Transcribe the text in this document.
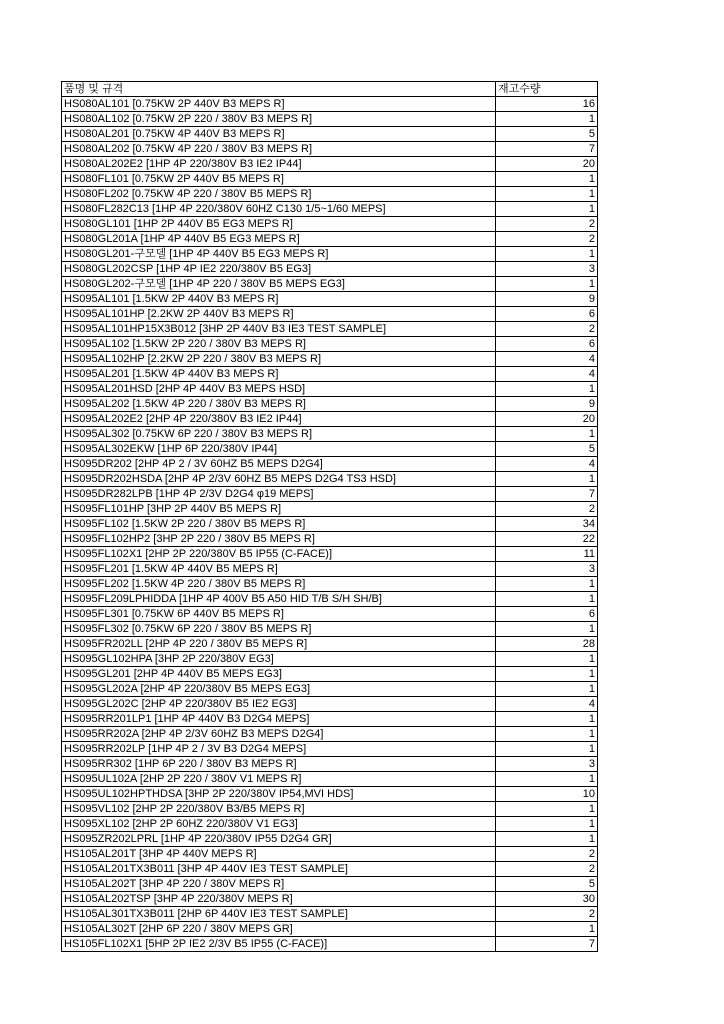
품명 및 규격	재고수량
HS080AL101 [0.75KW 2P 440V B3 MEPS R]	16
HS080AL102 [0.75KW 2P 220 / 380V B3 MEPS R]	1
HS080AL201 [0.75KW 4P 440V B3 MEPS R]	5
HS080AL202 [0.75KW 4P 220 / 380V B3 MEPS R]	7
HS080AL202E2 [1HP 4P 220/380V B3 IE2 IP44]	20
HS080FL101 [0.75KW 2P 440V B5 MEPS R]	1
HS080FL202 [0.75KW 4P 220 / 380V B5 MEPS R]	1
HS080FL282C13 [1HP 4P 220/380V 60HZ C130 1/5~1/60 MEPS]	1
HS080GL101 [1HP 2P 440V B5 EG3 MEPS R]	2
HS080GL201A [1HP 4P 440V B5 EG3 MEPS R]	2
HS080GL201-구모델 [1HP 4P 440V B5 EG3 MEPS R]	1
HS080GL202CSP [1HP 4P IE2 220/380V B5 EG3]	3
HS080GL202-구모델 [1HP 4P 220 / 380V B5 MEPS EG3]	1
HS095AL101 [1.5KW 2P 440V B3 MEPS R]	9
HS095AL101HP [2.2KW 2P 440V B3 MEPS R]	6
HS095AL101HP15X3B012 [3HP 2P 440V B3 IE3 TEST SAMPLE]	2
HS095AL102 [1.5KW 2P 220 / 380V B3 MEPS R]	6
HS095AL102HP [2.2KW 2P 220 / 380V B3 MEPS R]	4
HS095AL201 [1.5KW 4P 440V B3 MEPS R]	4
HS095AL201HSD [2HP 4P 440V B3 MEPS HSD]	1
HS095AL202 [1.5KW 4P 220 / 380V B3 MEPS R]	9
HS095AL202E2 [2HP 4P 220/380V B3 IE2 IP44]	20
HS095AL302 [0.75KW 6P 220 / 380V B3 MEPS R]	1
HS095AL302EKW [1HP 6P 220/380V IP44]	5
HS095DR202 [2HP 4P 2 / 3V 60HZ B5 MEPS D2G4]	4
HS095DR202HSDA [2HP 4P 2/3V 60HZ B5 MEPS D2G4 TS3 HSD]	1
HS095DR282LPB [1HP 4P 2/3V D2G4 φ19 MEPS]	7
HS095FL101HP [3HP 2P 440V B5 MEPS R]	2
HS095FL102 [1.5KW 2P 220 / 380V B5 MEPS R]	34
HS095FL102HP2 [3HP 2P 220 / 380V B5 MEPS R]	22
HS095FL102X1 [2HP 2P 220/380V B5 IP55 (C-FACE)]	11
HS095FL201 [1.5KW 4P 440V B5 MEPS R]	3
HS095FL202 [1.5KW 4P 220 / 380V B5 MEPS R]	1
HS095FL209LPHIDDA [1HP 4P 400V B5 A50 HID T/B S/H SH/B]	1
HS095FL301 [0.75KW 6P 440V B5 MEPS R]	6
HS095FL302 [0.75KW 6P 220 / 380V B5 MEPS R]	1
HS095FR202LL [2HP 4P 220 / 380V B5 MEPS R]	28
HS095GL102HPA [3HP 2P 220/380V EG3]	1
HS095GL201 [2HP 4P 440V B5 MEPS EG3]	1
HS095GL202A [2HP 4P 220/380V B5 MEPS EG3]	1
HS095GL202C [2HP 4P 220/380V B5 IE2 EG3]	4
HS095RR201LP1 [1HP 4P 440V B3 D2G4 MEPS]	1
HS095RR202A [2HP 4P 2/3V 60HZ B3 MEPS D2G4]	1
HS095RR202LP [1HP 4P 2 / 3V B3 D2G4 MEPS]	1
HS095RR302 [1HP 6P 220 / 380V B3 MEPS R]	3
HS095UL102A [2HP 2P 220 / 380V V1 MEPS R]	1
HS095UL102HPTHDSA [3HP 2P 220/380V IP54,MVI HDS]	10
HS095VL102 [2HP 2P 220/380V B3/B5 MEPS R]	1
HS095XL102 [2HP 2P 60HZ 220/380V V1 EG3]	1
HS095ZR202LPRL [1HP 4P 220/380V IP55 D2G4 GR]	1
HS105AL201T [3HP 4P 440V MEPS R]	2
HS105AL201TX3B011 [3HP 4P 440V IE3 TEST SAMPLE]	2
HS105AL202T [3HP 4P 220 / 380V MEPS R]	5
HS105AL202TSP [3HP 4P 220/380V MEPS R]	30
HS105AL301TX3B011 [2HP 6P 440V IE3 TEST SAMPLE]	2
HS105AL302T [2HP 6P 220 / 380V MEPS GR]	1
HS105FL102X1 [5HP 2P IE2 2/3V B5 IP55 (C-FACE)]	7
